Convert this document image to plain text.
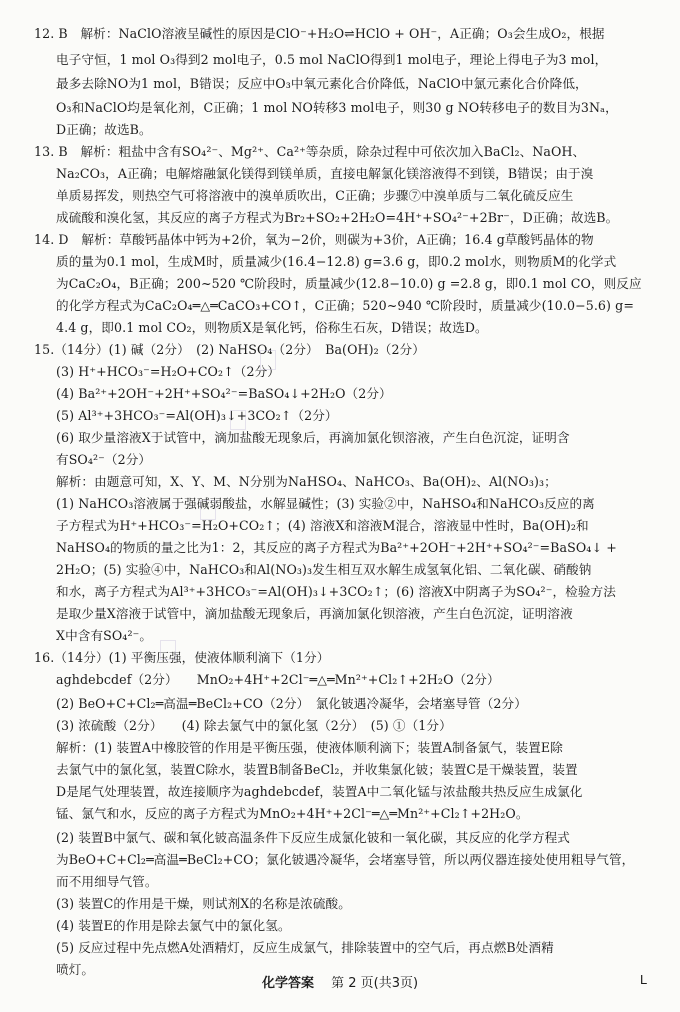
12. B　解析：NaClO溶液呈碱性的原因是ClO⁻+H₂O⇌HClO + OH⁻，A正确；O₃会生成O₂，根据
电子守恒，1 mol O₃得到2 mol电子，0.5 mol NaClO得到1 mol电子，理论上得电子为3 mol，
最多去除NO为1 mol，B错误；反应中O₃中氧元素化合价降低，NaClO中氯元素化合价降低，
O₃和NaClO均是氧化剂，C正确；1 mol NO转移3 mol电子，则30 g NO转移电子的数目为3Nₐ，
D正确；故选B。
13. B　解析：粗盐中含有SO₄²⁻、Mg²⁺、Ca²⁺等杂质，除杂过程中可依次加入BaCl₂、NaOH、
Na₂CO₃，A正确；电解熔融氯化镁得到镁单质，直接电解氯化镁溶液得不到镁，B错误；由于溴
单质易挥发，则热空气可将溶液中的溴单质吹出，C正确；步骤⑦中溴单质与二氧化硫反应生
成硫酸和溴化氢，其反应的离子方程式为Br₂+SO₂+2H₂O=4H⁺+SO₄²⁻+2Br⁻，D正确；故选B。
14. D　解析：草酸钙晶体中钙为+2价，氧为−2价，则碳为+3价，A正确；16.4 g草酸钙晶体的物
质的量为0.1 mol，生成M时，质量减少(16.4−12.8) g=3.6 g，即0.2 mol水，则物质M的化学式
为CaC₂O₄，B正确；200~520 ℃阶段时，质量减少(12.8−10.0) g =2.8 g，即0.1 mol CO，则反应
的化学方程式为CaC₂O₄═△═CaCO₃+CO↑，C正确；520~940 ℃阶段时，质量减少(10.0−5.6) g=
4.4 g，即0.1 mol CO₂，则物质X是氧化钙，俗称生石灰，D错误；故选D。
15.（14分）(1) 碱（2分）　(2) NaHSO₄（2分）　Ba(OH)₂（2分）
(3) H⁺+HCO₃⁻=H₂O+CO₂↑（2分）
(4) Ba²⁺+2OH⁻+2H⁺+SO₄²⁻=BaSO₄↓+2H₂O（2分）
(5) Al³⁺+3HCO₃⁻=Al(OH)₃↓+3CO₂↑（2分）
(6) 取少量溶液X于试管中，滴加盐酸无现象后，再滴加氯化钡溶液，产生白色沉淀，证明含
有SO₄²⁻（2分）
解析：由题意可知，X、Y、M、N分别为NaHSO₄、NaHCO₃、Ba(OH)₂、Al(NO₃)₃；
(1) NaHCO₃溶液属于强碱弱酸盐，水解显碱性；(3) 实验②中，NaHSO₄和NaHCO₃反应的离
子方程式为H⁺+HCO₃⁻=H₂O+CO₂↑；(4) 溶液X和溶液M混合，溶液显中性时，Ba(OH)₂和
NaHSO₄的物质的量之比为1：2，其反应的离子方程式为Ba²⁺+2OH⁻+2H⁺+SO₄²⁻=BaSO₄↓ +
2H₂O；(5) 实验④中，NaHCO₃和Al(NO₃)₃发生相互双水解生成氢氧化铝、二氧化碳、硝酸钠
和水，离子方程式为Al³⁺+3HCO₃⁻=Al(OH)₃↓+3CO₂↑；(6) 溶液X中阴离子为SO₄²⁻，检验方法
是取少量X溶液于试管中，滴加盐酸无现象后，再滴加氯化钡溶液，产生白色沉淀，证明溶液
X中含有SO₄²⁻。
16.（14分）(1) 平衡压强，使液体顺利滴下（1分）
aghdebcdef（2分）　　MnO₂+4H⁺+2Cl⁻═△═Mn²⁺+Cl₂↑+2H₂O（2分）
(2) BeO+C+Cl₂═高温═BeCl₂+CO（2分）　氯化铍遇冷凝华，会堵塞导管（2分）
(3) 浓硫酸（2分）　　(4) 除去氯气中的氯化氢（2分）　(5) ①（1分）
解析：(1) 装置A中橡胶管的作用是平衡压强，使液体顺利滴下；装置A制备氯气，装置E除
去氯气中的氯化氢，装置C除水，装置B制备BeCl₂，并收集氯化铍；装置C是干燥装置，装置
D是尾气处理装置，故连接顺序为aghdebcdef，装置A中二氧化锰与浓盐酸共热反应生成氯化
锰、氯气和水，反应的离子方程式为MnO₂+4H⁺+2Cl⁻═△═Mn²⁺+Cl₂↑+2H₂O。
(2) 装置B中氯气、碳和氧化铍高温条件下反应生成氯化铍和一氧化碳，其反应的化学方程式
为BeO+C+Cl₂═高温═BeCl₂+CO；氯化铍遇冷凝华，会堵塞导管，所以两仪器连接处使用粗导气管，
而不用细导气管。
(3) 装置C的作用是干燥，则试剂X的名称是浓硫酸。
(4) 装置E的作用是除去氯气中的氯化氢。
(5) 反应过程中先点燃A处酒精灯，反应生成氯气，排除装置中的空气后，再点燃B处酒精
喷灯。
化学答案　 第 2 页(共3页)	L
